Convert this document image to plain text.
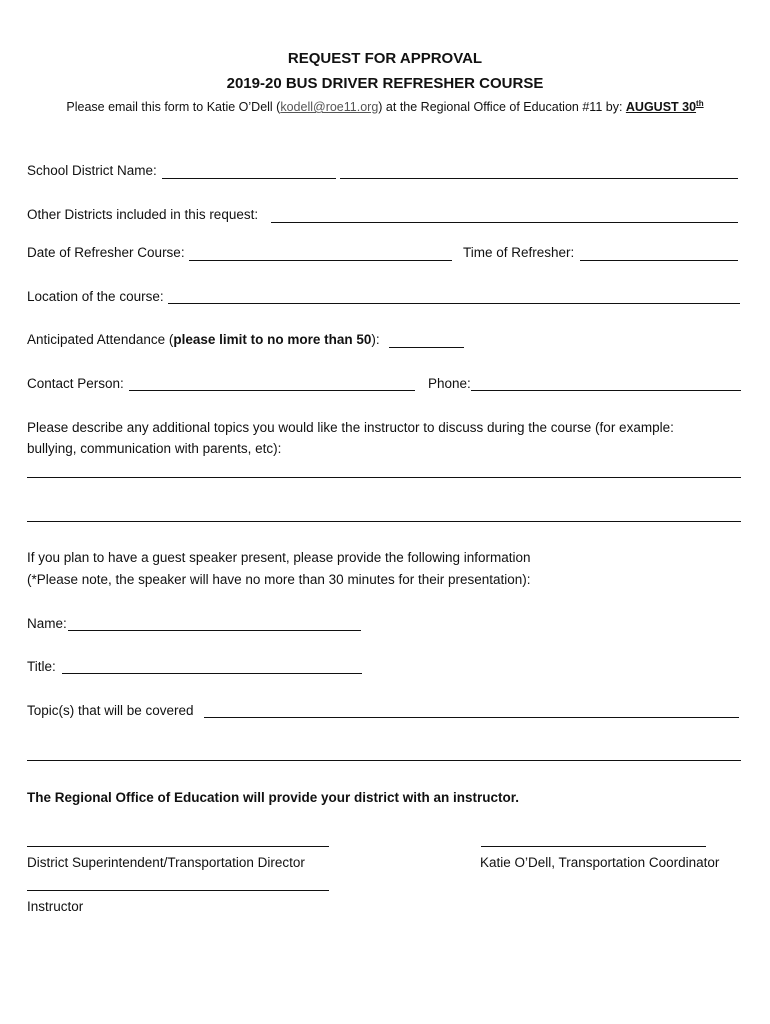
REQUEST FOR APPROVAL
2019-20 BUS DRIVER REFRESHER COURSE
Please email this form to Katie O’Dell (kodell@roe11.org) at the Regional Office of Education #11 by: AUGUST 30th
School District Name:
Other Districts included in this request:
Date of Refresher Course:	Time of Refresher:
Location of the course:
Anticipated Attendance (please limit to no more than 50):
Contact Person:	Phone:
Please describe any additional topics you would like the instructor to discuss during the course (for example:
bullying, communication with parents, etc):
If you plan to have a guest speaker present, please provide the following information
(*Please note, the speaker will have no more than 30 minutes for their presentation):
Name:
Title:
Topic(s) that will be covered
The Regional Office of Education will provide your district with an instructor.
District Superintendent/Transportation Director	Katie O’Dell, Transportation Coordinator
Instructor
